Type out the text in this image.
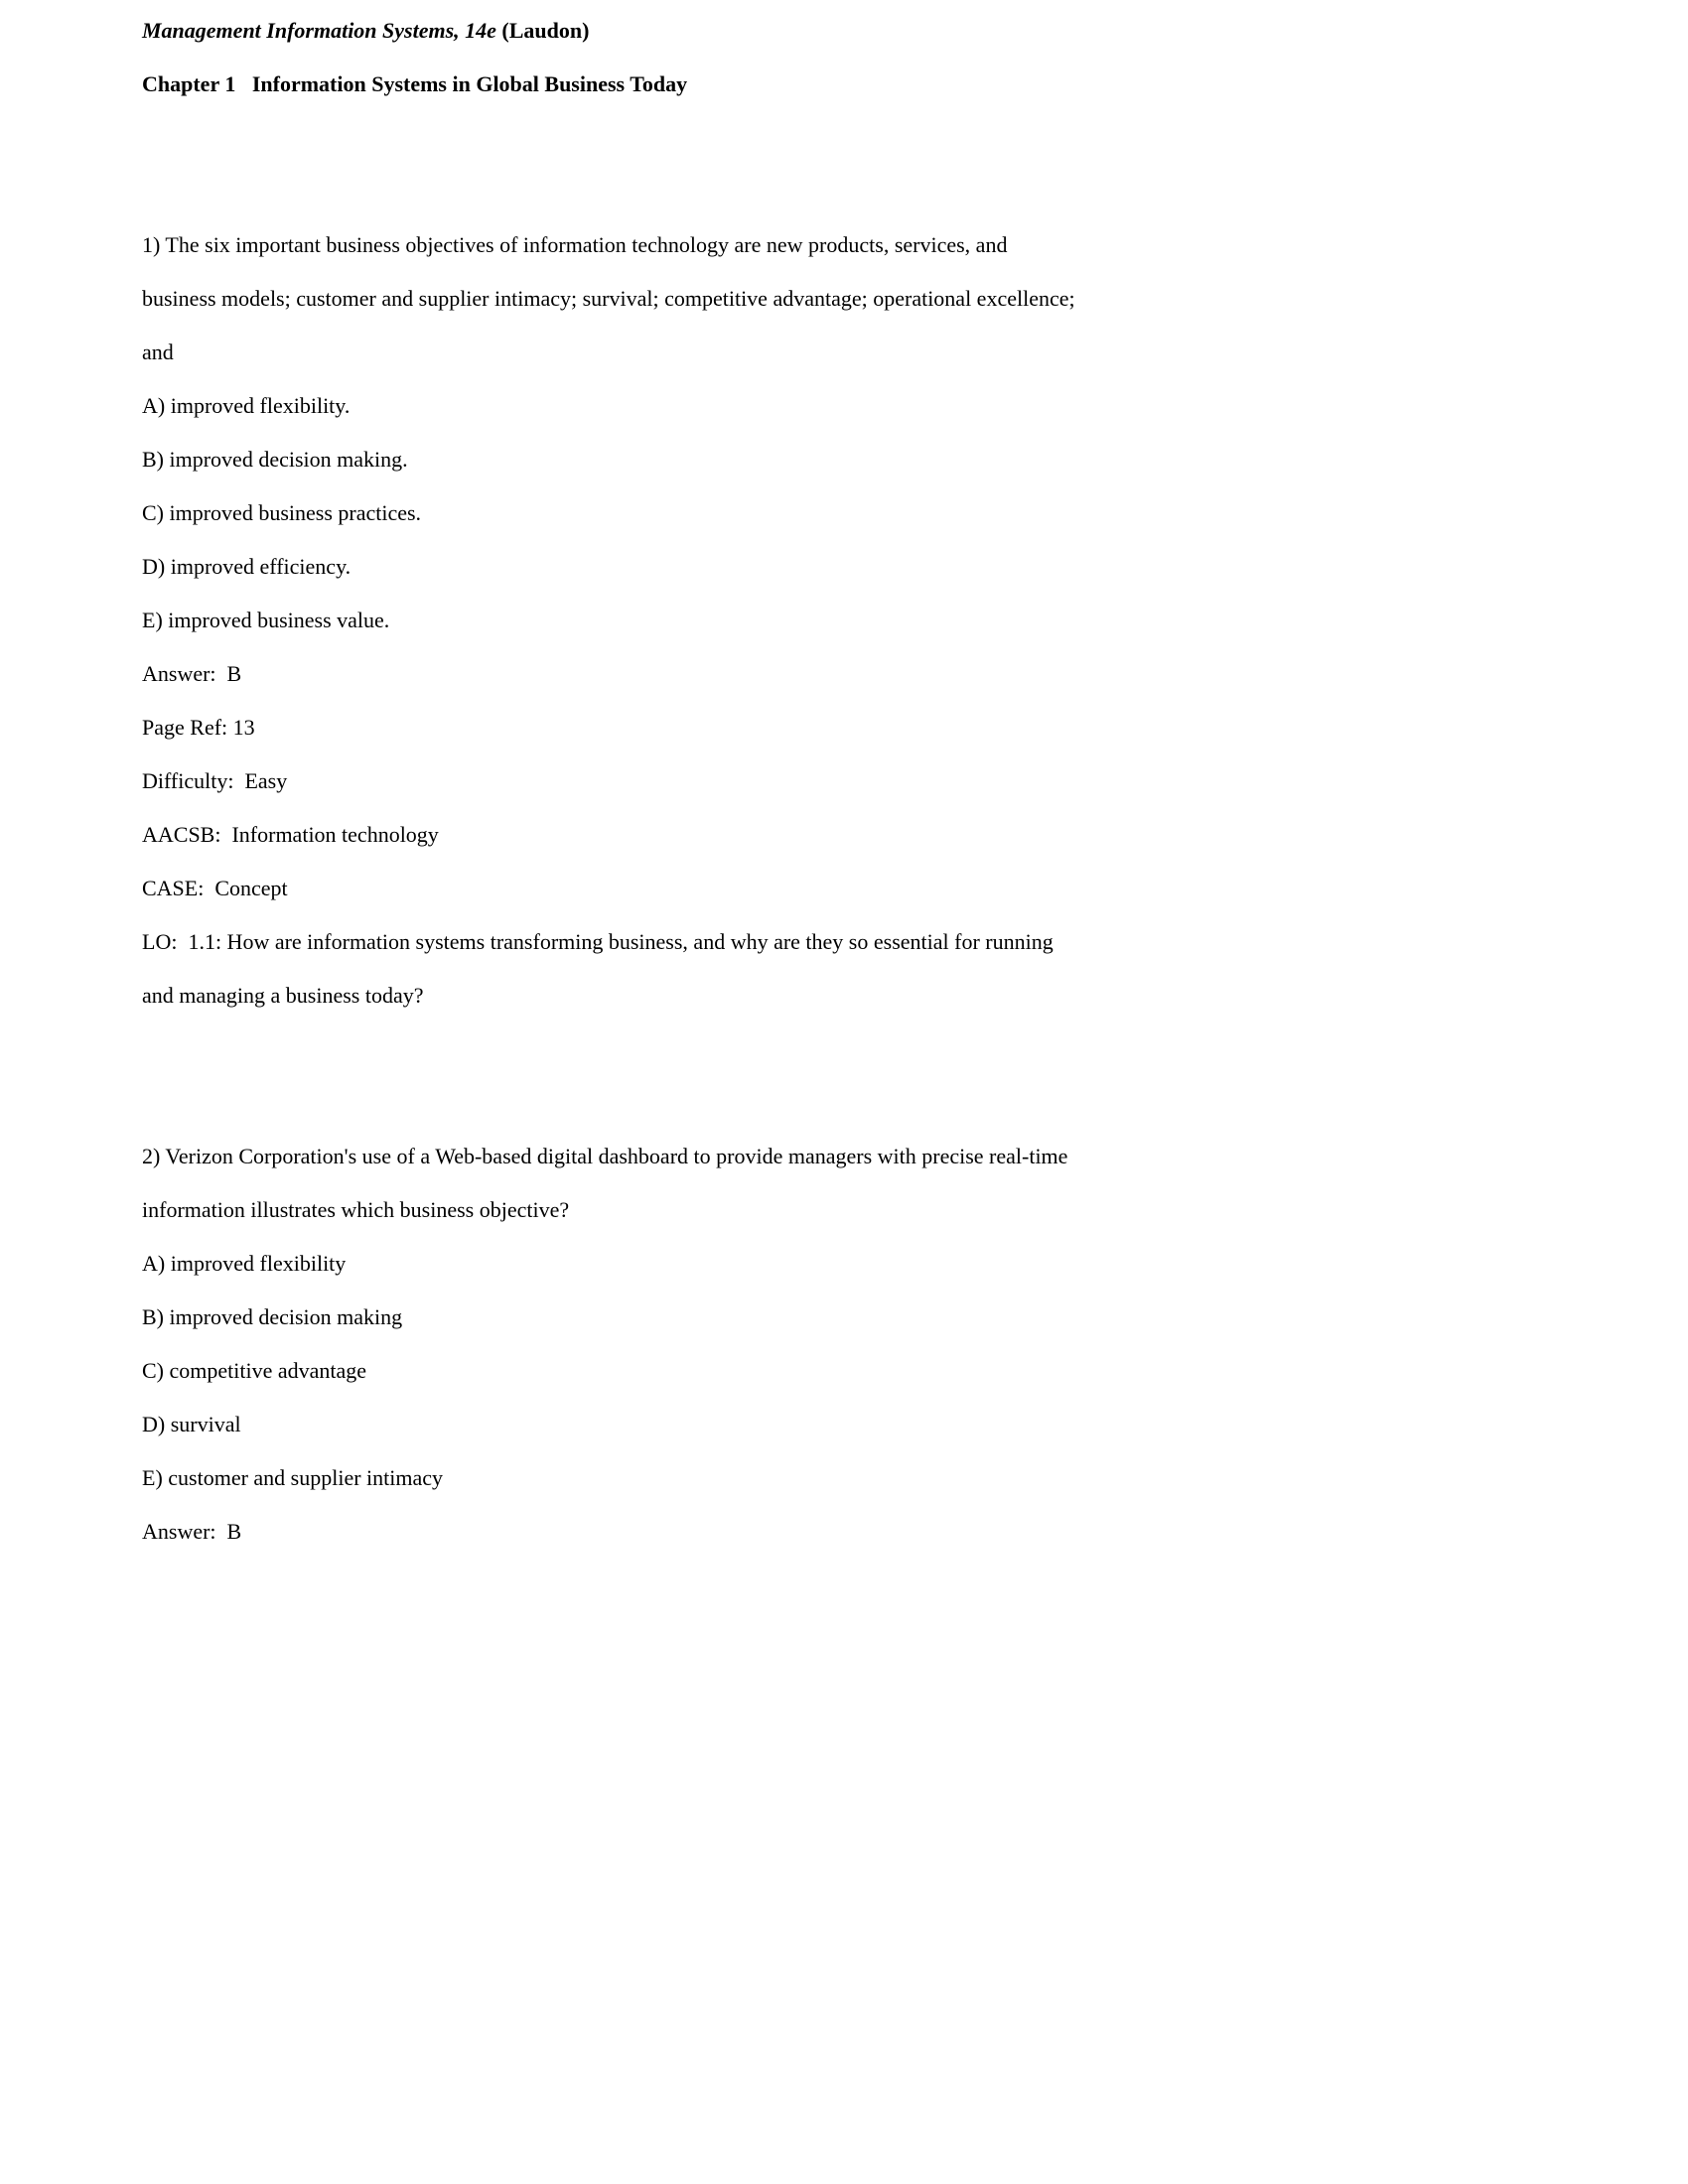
Management Information Systems, 14e (Laudon)

Chapter 1   Information Systems in Global Business Today

1) The six important business objectives of information technology are new products, services, and business models; customer and supplier intimacy; survival; competitive advantage; operational excellence; and

A) improved flexibility.

B) improved decision making.

C) improved business practices.

D) improved efficiency.

E) improved business value.

Answer:  B

Page Ref: 13

Difficulty:  Easy

AACSB:  Information technology

CASE:  Concept

LO:  1.1: How are information systems transforming business, and why are they so essential for running and managing a business today?

2) Verizon Corporation's use of a Web-based digital dashboard to provide managers with precise real-time information illustrates which business objective?

A) improved flexibility

B) improved decision making

C) competitive advantage

D) survival

E) customer and supplier intimacy

Answer:  B
